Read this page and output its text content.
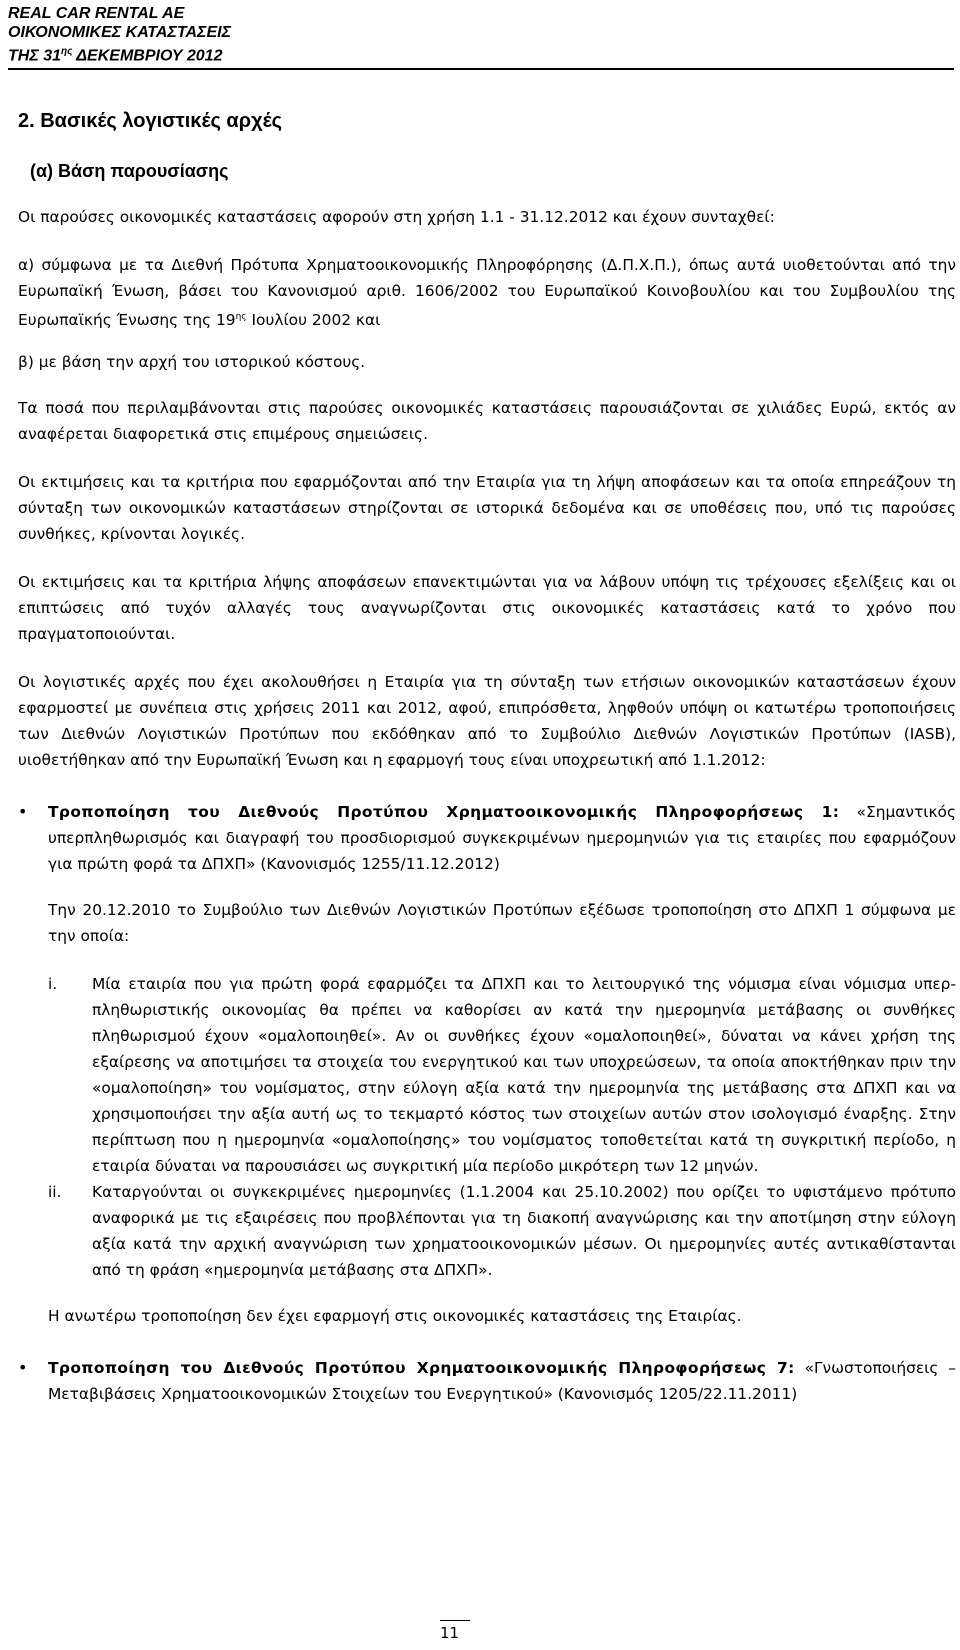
REAL CAR RENTAL AE
ΟΙΚΟΝΟΜΙΚΕΣ ΚΑΤΑΣΤΑΣΕΙΣ
ΤΗΣ $31^{\eta\varsigma}$ ΔΕΚΕΜΒΡΙΟΥ 2012
2. Βασικές λογιστικές αρχές
(α) Βάση παρουσίασης

Οι παρούσες οικονομικές καταστάσεις αφορούν στη χρήση 1.1 - 31.12.2012 και έχουν συνταχθεί:

α) σύμφωνα με τα Διεθνή Πρότυπα Χρηματοοικονομικής Πληροφόρησης (Δ.Π.Χ.Π.), όπως αυτά υιοθετούνται από την Ευρωπαϊκή Ένωση, βάσει του Κανονισμού αριθ. 1606/2002 του Ευρωπαϊκού Κοινοβουλίου και του Συμβουλίου της Ευρωπαϊκής Ένωσης της $19^{\eta\varsigma}$ Ιουλίου 2002 και

β) με βάση την αρχή του ιστορικού κόστους.

Τα ποσά που περιλαμβάνονται στις παρούσες οικονομικές καταστάσεις παρουσιάζονται σε χιλιάδες Ευρώ, εκτός αν αναφέρεται διαφορετικά στις επιμέρους σημειώσεις.

Οι εκτιμήσεις και τα κριτήρια που εφαρμόζονται από την Εταιρία για τη λήψη αποφάσεων και τα οποία επηρεάζουν τη σύνταξη των οικονομικών καταστάσεων στηρίζονται σε ιστορικά δεδομένα και σε υποθέσεις που, υπό τις παρούσες συνθήκες, κρίνονται λογικές.

Οι εκτιμήσεις και τα κριτήρια λήψης αποφάσεων επανεκτιμώνται για να λάβουν υπόψη τις τρέχουσες εξελίξεις και οι επιπτώσεις από τυχόν αλλαγές τους αναγνωρίζονται στις οικονομικές καταστάσεις κατά το χρόνο που πραγματοποιούνται.

Οι λογιστικές αρχές που έχει ακολουθήσει η Εταιρία για τη σύνταξη των ετήσιων οικονομικών καταστάσεων έχουν εφαρμοστεί με συνέπεια στις χρήσεις 2011 και 2012, αφού, επιπρόσθετα, ληφθούν υπόψη οι κατωτέρω τροποποιήσεις των Διεθνών Λογιστικών Προτύπων που εκδόθηκαν από το Συμβούλιο Διεθνών Λογιστικών Προτύπων (IASB), υιοθετήθηκαν από την Ευρωπαϊκή Ένωση και η εφαρμογή τους είναι υποχρεωτική από 1.1.2012:

•	Τροποποίηση του Διεθνούς Προτύπου Χρηματοοικονομικής Πληροφορήσεως 1: «Σημαντικός υπερπληθωρισμός και διαγραφή του προσδιορισμού συγκεκριμένων ημερομηνιών για τις εταιρίες που εφαρμόζουν για πρώτη φορά τα ΔΠΧΠ» (Κανονισμός 1255/11.12.2012)

Την 20.12.2010 το Συμβούλιο των Διεθνών Λογιστικών Προτύπων εξέδωσε τροποποίηση στο ΔΠΧΠ 1 σύμφωνα με την οποία:

i.	Μία εταιρία που για πρώτη φορά εφαρμόζει τα ΔΠΧΠ και το λειτουργικό της νόμισμα είναι νόμισμα υπερ-πληθωριστικής οικονομίας θα πρέπει να καθορίσει αν κατά την ημερομηνία μετάβασης οι συνθήκες πληθωρισμού έχουν «ομαλοποιηθεί». Αν οι συνθήκες έχουν «ομαλοποιηθεί», δύναται να κάνει χρήση της εξαίρεσης να αποτιμήσει τα στοιχεία του ενεργητικού και των υποχρεώσεων, τα οποία αποκτήθηκαν πριν την «ομαλοποίηση» του νομίσματος, στην εύλογη αξία κατά την ημερομηνία της μετάβασης στα ΔΠΧΠ και να χρησιμοποιήσει την αξία αυτή ως το τεκμαρτό κόστος των στοιχείων αυτών στον ισολογισμό έναρξης. Στην περίπτωση που η ημερομηνία «ομαλοποίησης» του νομίσματος τοποθετείται κατά τη συγκριτική περίοδο, η εταιρία δύναται να παρουσιάσει ως συγκριτική μία περίοδο μικρότερη των 12 μηνών.
ii.	Καταργούνται οι συγκεκριμένες ημερομηνίες (1.1.2004 και 25.10.2002) που ορίζει το υφιστάμενο πρότυπο αναφορικά με τις εξαιρέσεις που προβλέπονται για τη διακοπή αναγνώρισης και την αποτίμηση στην εύλογη αξία κατά την αρχική αναγνώριση των χρηματοοικονομικών μέσων. Οι ημερομηνίες αυτές αντικαθίστανται από τη φράση «ημερομηνία μετάβασης στα ΔΠΧΠ».

Η ανωτέρω τροποποίηση δεν έχει εφαρμογή στις οικονομικές καταστάσεις της Εταιρίας.

•	Τροποποίηση του Διεθνούς Προτύπου Χρηματοοικονομικής Πληροφορήσεως 7: «Γνωστοποιήσεις – Μεταβιβάσεις Χρηματοοικονομικών Στοιχείων του Ενεργητικού» (Κανονισμός 1205/22.11.2011)
11
